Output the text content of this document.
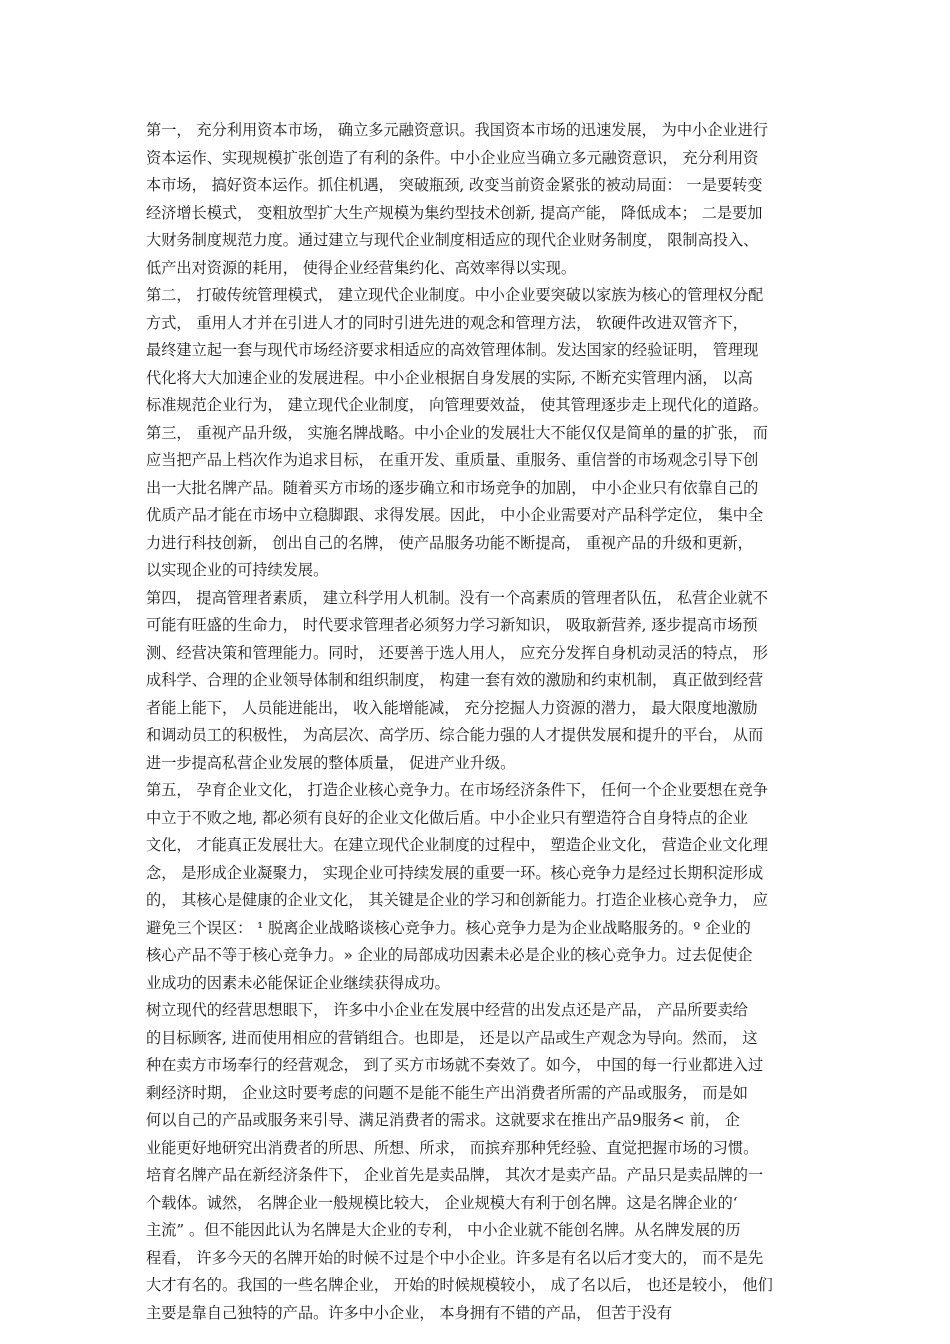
第一， 充分利用资本市场， 确立多元融资意识。我国资本市场的迅速发展， 为中小企业进行
资本运作、实现规模扩张创造了有利的条件。中小企业应当确立多元融资意识， 充分利用资
本市场， 搞好资本运作。抓住机遇， 突破瓶颈, 改变当前资金紧张的被动局面： 一是要转变
经济增长模式， 变粗放型扩大生产规模为集约型技术创新, 提高产能， 降低成本； 二是要加
大财务制度规范力度。通过建立与现代企业制度相适应的现代企业财务制度， 限制高投入、
低产出对资源的耗用， 使得企业经营集约化、高效率得以实现。
第二， 打破传统管理模式， 建立现代企业制度。中小企业要突破以家族为核心的管理权分配
方式， 重用人才并在引进人才的同时引进先进的观念和管理方法， 软硬件改进双管齐下，
最终建立起一套与现代市场经济要求相适应的高效管理体制。发达国家的经验证明， 管理现
代化将大大加速企业的发展进程。中小企业根据自身发展的实际, 不断充实管理内涵， 以高
标准规范企业行为， 建立现代企业制度， 向管理要效益， 使其管理逐步走上现代化的道路。
第三， 重视产品升级， 实施名牌战略。中小企业的发展壮大不能仅仅是简单的量的扩张， 而
应当把产品上档次作为追求目标， 在重开发、重质量、重服务、重信誉的市场观念引导下创
出一大批名牌产品。随着买方市场的逐步确立和市场竞争的加剧， 中小企业只有依靠自己的
优质产品才能在市场中立稳脚跟、求得发展。因此， 中小企业需要对产品科学定位， 集中全
力进行科技创新， 创出自己的名牌， 使产品服务功能不断提高， 重视产品的升级和更新，
以实现企业的可持续发展。
第四， 提高管理者素质， 建立科学用人机制。没有一个高素质的管理者队伍， 私营企业就不
可能有旺盛的生命力， 时代要求管理者必须努力学习新知识， 吸取新营养, 逐步提高市场预
测、经营决策和管理能力。同时， 还要善于选人用人， 应充分发挥自身机动灵活的特点， 形
成科学、合理的企业领导体制和组织制度， 构建一套有效的激励和约束机制， 真正做到经营
者能上能下， 人员能进能出， 收入能增能减， 充分挖掘人力资源的潜力， 最大限度地激励
和调动员工的积极性， 为高层次、高学历、综合能力强的人才提供发展和提升的平台， 从而
进一步提高私营企业发展的整体质量， 促进产业升级。
第五， 孕育企业文化， 打造企业核心竞争力。在市场经济条件下， 任何一个企业要想在竞争
中立于不败之地, 都必须有良好的企业文化做后盾。中小企业只有塑造符合自身特点的企业
文化， 才能真正发展壮大。在建立现代企业制度的过程中， 塑造企业文化， 营造企业文化理
念， 是形成企业凝聚力， 实现企业可持续发展的重要一环。核心竞争力是经过长期积淀形成
的， 其核心是健康的企业文化， 其关键是企业的学习和创新能力。打造企业核心竞争力， 应
避免三个误区： ¹ 脱离企业战略谈核心竞争力。核心竞争力是为企业战略服务的。º 企业的
核心产品不等于核心竞争力。» 企业的局部成功因素未必是企业的核心竞争力。过去促使企
业成功的因素未必能保证企业继续获得成功。
树立现代的经营思想眼下， 许多中小企业在发展中经营的出发点还是产品， 产品所要卖给
的目标顾客, 进而使用相应的营销组合。也即是， 还是以产品或生产观念为导向。然而， 这
种在卖方市场奉行的经营观念， 到了买方市场就不奏效了。如今， 中国的每一行业都进入过
剩经济时期， 企业这时要考虑的问题不是能不能生产出消费者所需的产品或服务， 而是如
何以自己的产品或服务来引导、满足消费者的需求。这就要求在推出产品9服务< 前， 企
业能更好地研究出消费者的所思、所想、所求， 而摈弃那种凭经验、直觉把握市场的习惯。
培育名牌产品在新经济条件下， 企业首先是卖品牌， 其次才是卖产品。产品只是卖品牌的一
个载体。诚然， 名牌企业一般规模比较大， 企业规模大有利于创名牌。这是名牌企业的‘
主流” 。但不能因此认为名牌是大企业的专利， 中小企业就不能创名牌。从名牌发展的历
程看， 许多今天的名牌开始的时候不过是个中小企业。许多是有名以后才变大的， 而不是先
大才有名的。我国的一些名牌企业， 开始的时候规模较小， 成了名以后， 也还是较小， 他们
主要是靠自己独特的产品。许多中小企业， 本身拥有不错的产品， 但苦于没有
